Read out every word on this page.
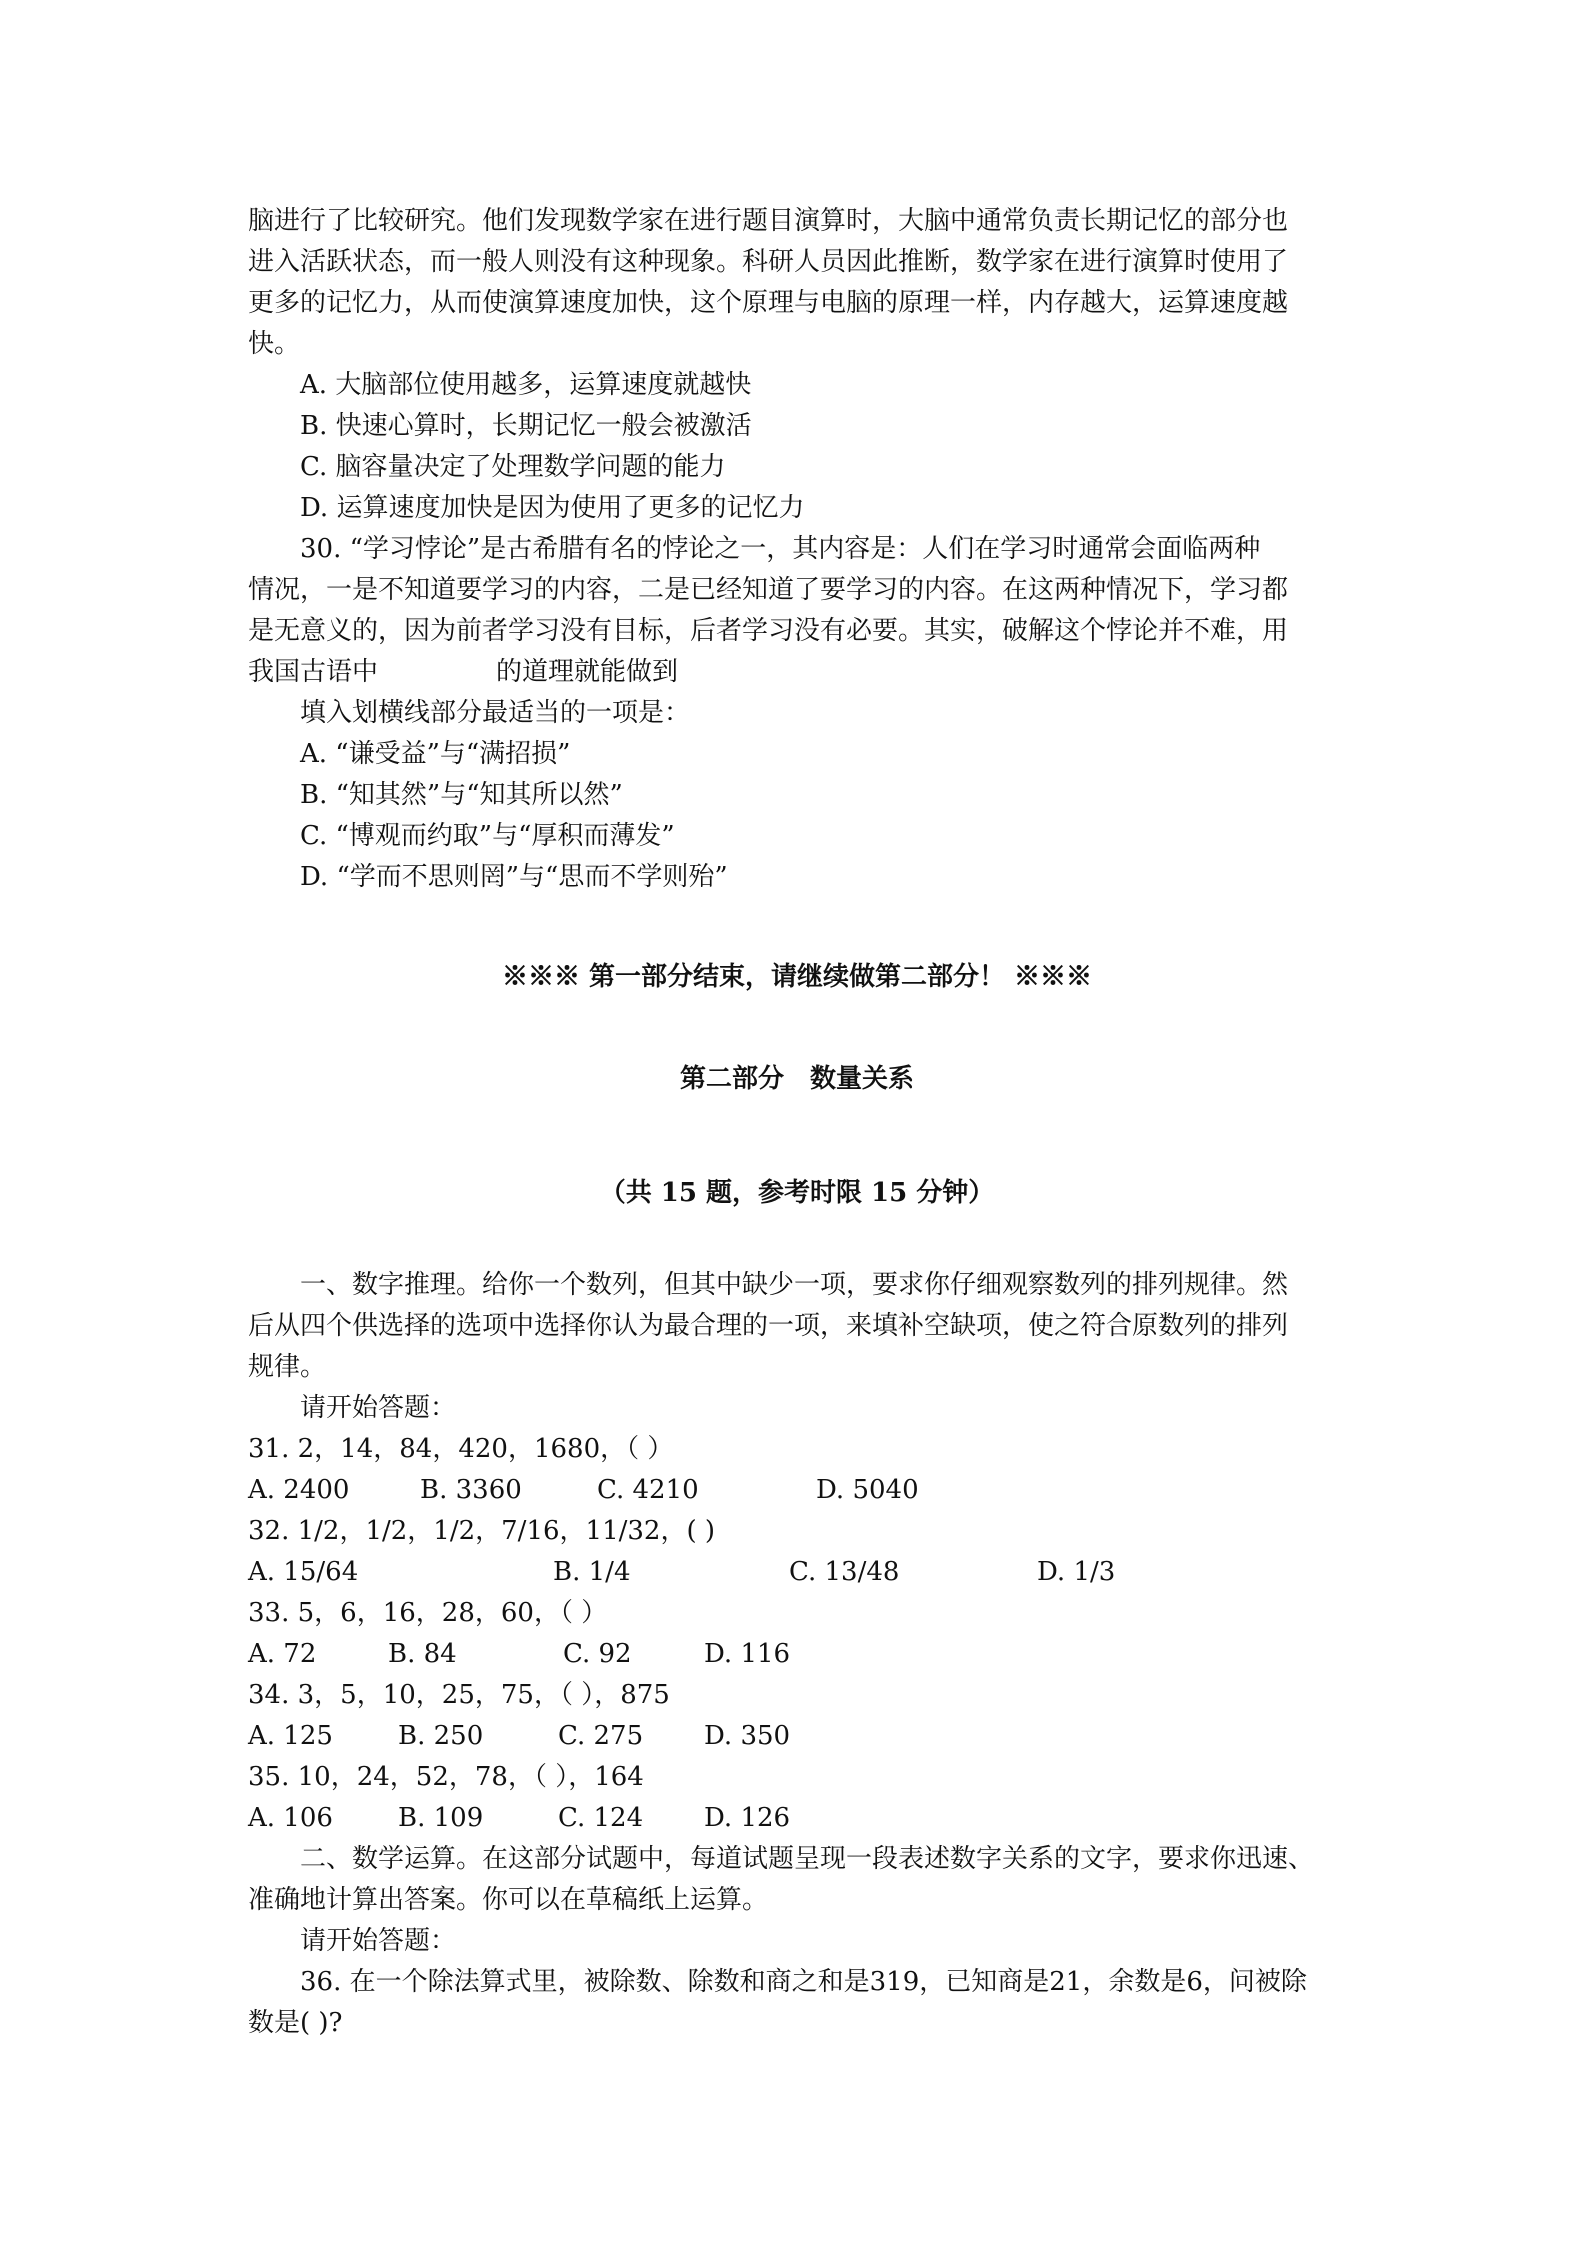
脑进行了比较研究。他们发现数学家在进行题目演算时，大脑中通常负责长期记忆的部分也
进入活跃状态，而一般人则没有这种现象。科研人员因此推断，数学家在进行演算时使用了
更多的记忆力，从而使演算速度加快，这个原理与电脑的原理一样，内存越大，运算速度越
快。
A. 大脑部位使用越多，运算速度就越快
B. 快速心算时，长期记忆一般会被激活
C. 脑容量决定了处理数学问题的能力
D. 运算速度加快是因为使用了更多的记忆力
30. “学习悖论”是古希腊有名的悖论之一，其内容是：人们在学习时通常会面临两种
情况，一是不知道要学习的内容，二是已经知道了要学习的内容。在这两种情况下，学习都
是无意义的，因为前者学习没有目标，后者学习没有必要。其实，破解这个悖论并不难，用
我国古语中	的道理就能做到
填入划横线部分最适当的一项是：
A. “谦受益”与“满招损”
B. “知其然”与“知其所以然”
C. “博观而约取”与“厚积而薄发”
D. “学而不思则罔”与“思而不学则殆”
※※※ 第一部分结束，请继续做第二部分！ ※※※
第二部分　数量关系
（共 15 题，参考时限 15 分钟）
一、数字推理。给你一个数列，但其中缺少一项，要求你仔细观察数列的排列规律。然
后从四个供选择的选项中选择你认为最合理的一项，来填补空缺项，使之符合原数列的排列
规律。
请开始答题：
31. 2，14，84，420，1680，（ ）
A. 2400	B. 3360	C. 4210	D. 5040
32. 1/2，1/2，1/2，7/16，11/32，( )
A. 15/64	B. 1/4	C. 13/48	D. 1/3
33. 5，6，16，28，60，（ ）
A. 72	B. 84	C. 92	D. 116
34. 3，5，10，25，75，（ ），875
A. 125	B. 250	C. 275 D. 350
35. 10，24，52，78，（ ），164
A. 106	B. 109	C. 124 D. 126
二、数学运算。在这部分试题中，每道试题呈现一段表述数字关系的文字，要求你迅速、
准确地计算出答案。你可以在草稿纸上运算。
请开始答题：
36. 在一个除法算式里，被除数、除数和商之和是319，已知商是21，余数是6，问被除
数是( )?
